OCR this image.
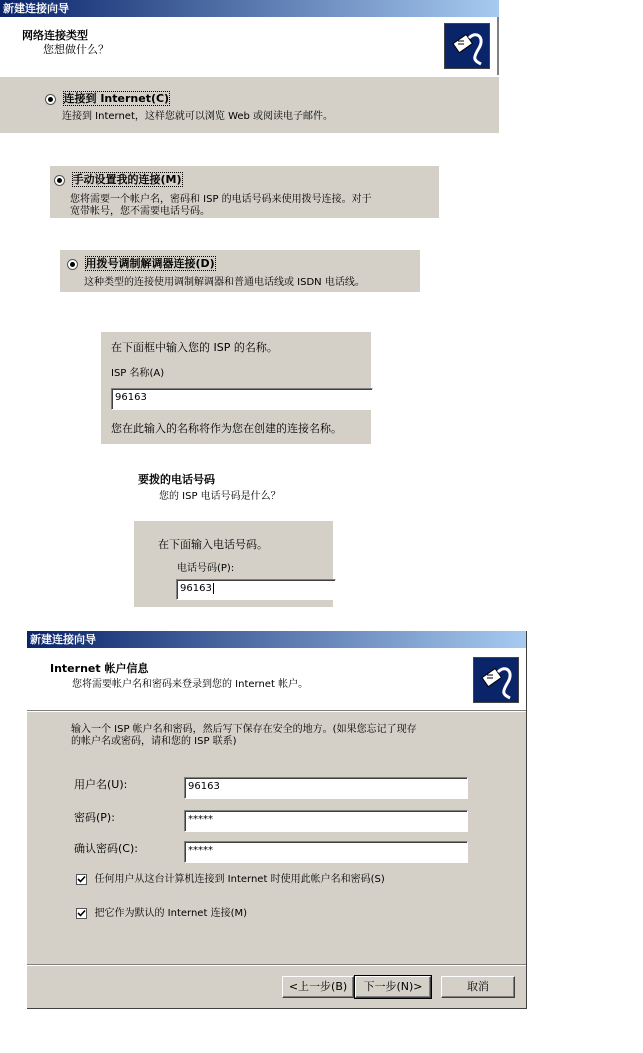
新建连接向导
网络连接类型
您想做什么？
连接到 Internet(C)
连接到 Internet，这样您就可以浏览 Web 或阅读电子邮件。
手动设置我的连接(M)
您将需要一个帐户名，密码和 ISP 的电话号码来使用拨号连接。对于
宽带帐号，您不需要电话号码。
用拨号调制解调器连接(D)
这种类型的连接使用调制解调器和普通电话线或 ISDN 电话线。
在下面框中输入您的 ISP 的名称。
ISP 名称(A)
96163
您在此输入的名称将作为您在创建的连接名称。
要拨的电话号码
您的 ISP 电话号码是什么？
在下面输入电话号码。
电话号码(P):
96163
新建连接向导
Internet 帐户信息
您将需要帐户名和密码来登录到您的 Internet 帐户。
输入一个 ISP 帐户名和密码，然后写下保存在安全的地方。(如果您忘记了现存
的帐户名或密码，请和您的 ISP 联系)
用户名(U):	96163
密码(P):	*****
确认密码(C):	*****
任何用户从这台计算机连接到 Internet 时使用此帐户名和密码(S)
把它作为默认的 Internet 连接(M)
<上一步(B)	下一步(N)>	取消
